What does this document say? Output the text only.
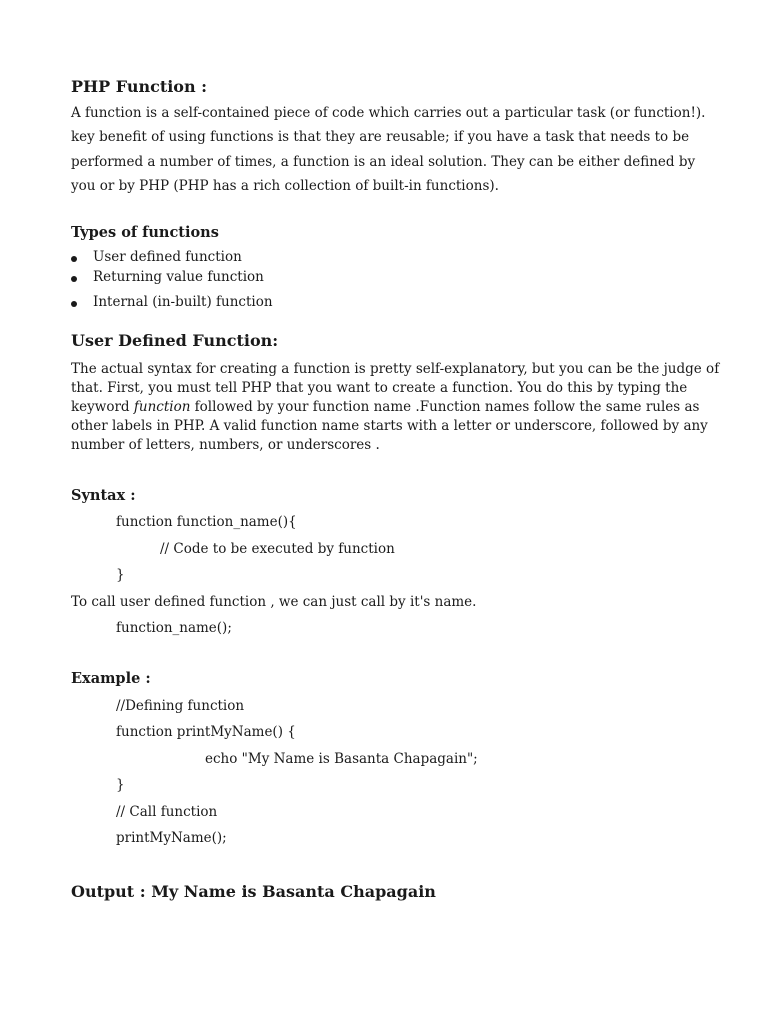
PHP Function :
A function is a self-contained piece of code which carries out a particular task (or function!).
key benefit of using functions is that they are reusable; if you have a task that needs to be
performed a number of times, a function is an ideal solution. They can be either defined by
you or by PHP (PHP has a rich collection of built-in functions).
Types of functions
User defined function
Returning value function
Internal (in-built) function
User Defined Function:
The actual syntax for creating a function is pretty self-explanatory, but you can be the judge of
that. First, you must tell PHP that you want to create a function. You do this by typing the
keyword function followed by your function name .Function names follow the same rules as
other labels in PHP. A valid function name starts with a letter or underscore, followed by any
number of letters, numbers, or underscores .
Syntax :
function function_name(){
// Code to be executed by function
}
To call user defined function , we can just call by it's name.
function_name();
Example :
//Defining function
function printMyName() {
echo "My Name is Basanta Chapagain";
}
// Call function
printMyName();
Output : My Name is Basanta Chapagain
